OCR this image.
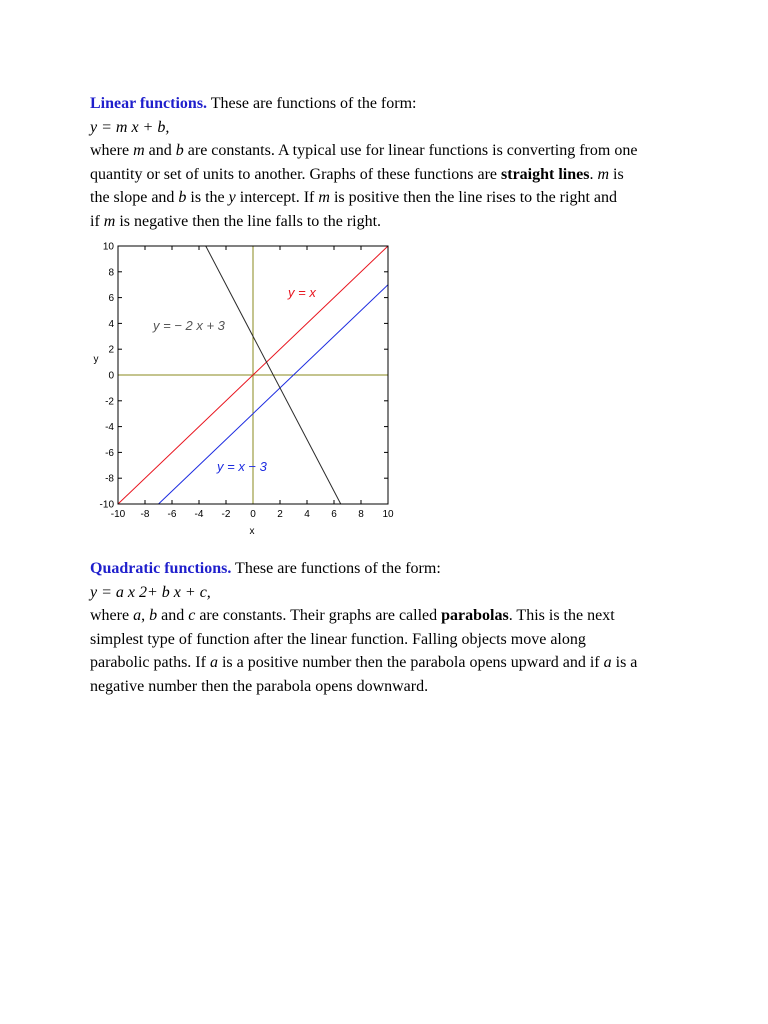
Linear functions. These are functions of the form:
y = m x + b,
where m and b are constants. A typical use for linear functions is converting from one
quantity or set of units to another. Graphs of these functions are straight lines. m is
the slope and b is the y intercept. If m is positive then the line rises to the right and
if m is negative then the line falls to the right.
-10 -8 -6 -4 -2 0 2 4 6 8 10
10
8
6
4
2
0
-2
-4
-6
-8
-10
x
y
y = x
y = − 2 x + 3
y = x − 3
Quadratic functions. These are functions of the form:
y = a x 2+ b x + c,
where a, b and c are constants. Their graphs are called parabolas. This is the next
simplest type of function after the linear function. Falling objects move along
parabolic paths. If a is a positive number then the parabola opens upward and if a is a
negative number then the parabola opens downward.
